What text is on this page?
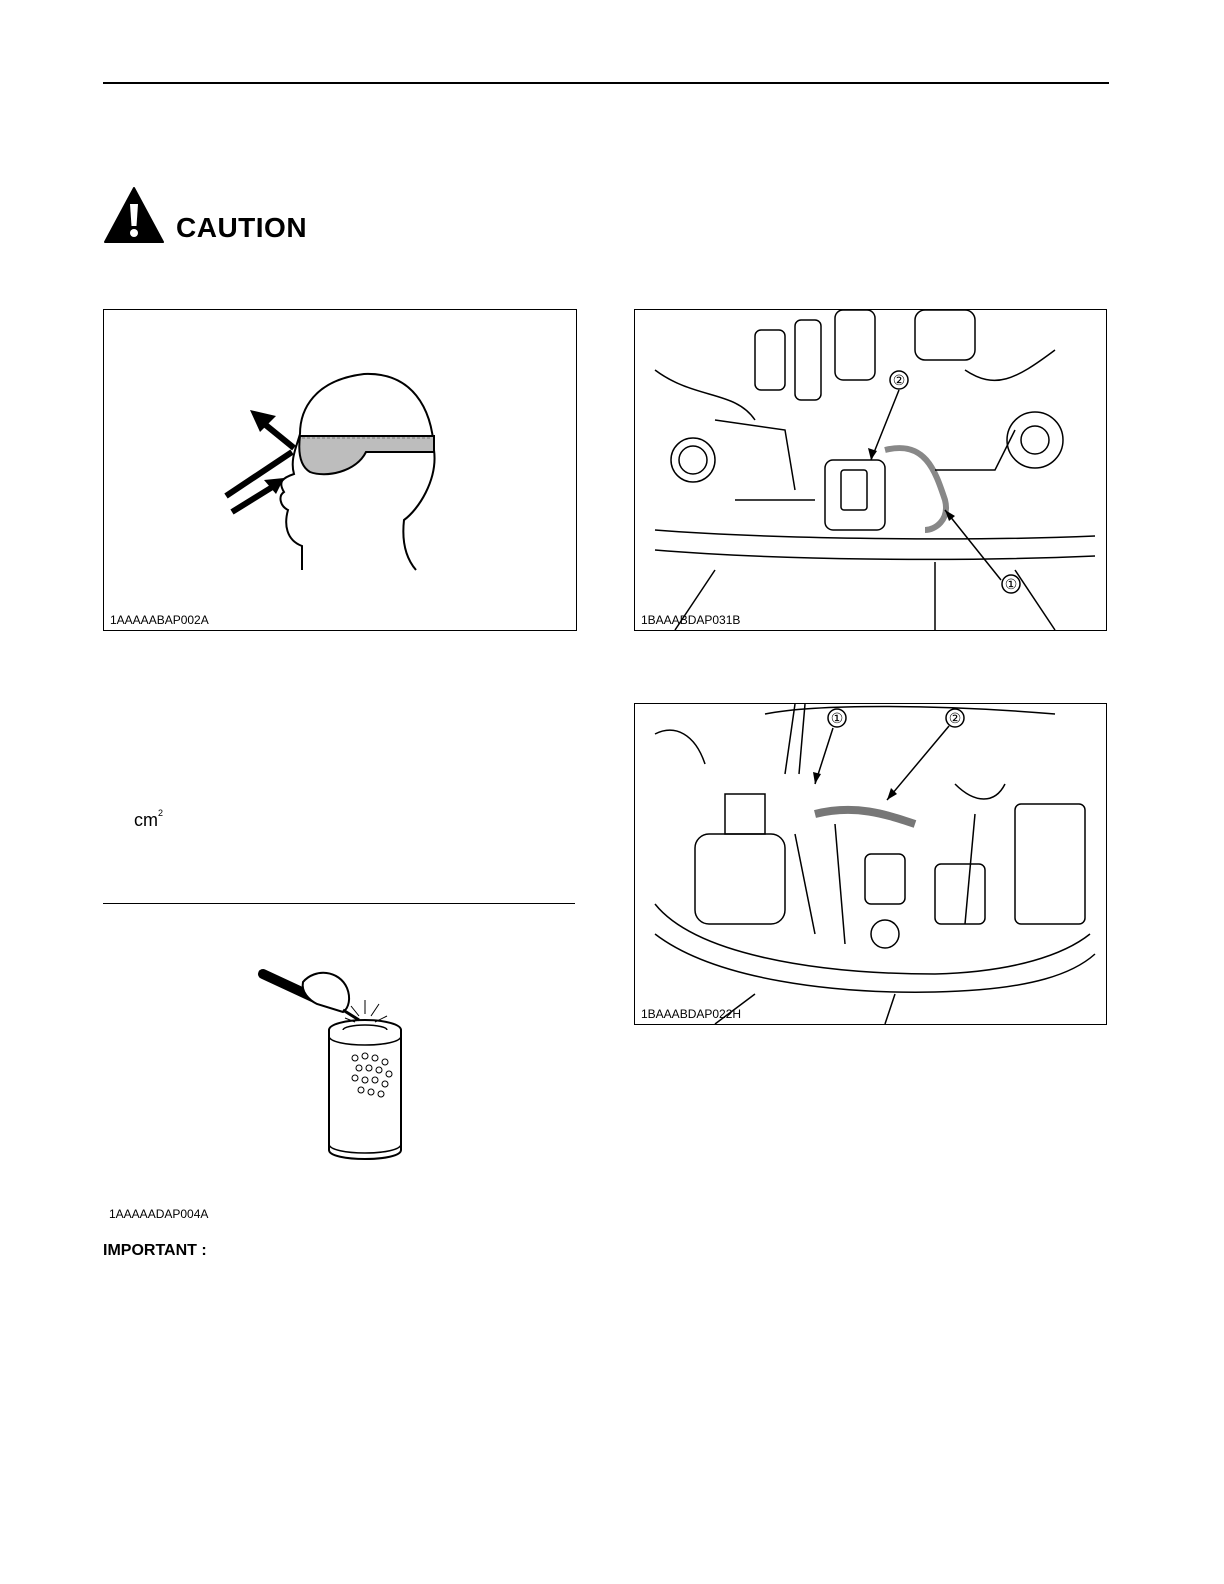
CAUTION
1AAAAABAP002A
②
①
1BAAABDAP031B
$cm^2$
①	②
1BAAABDAP022H
1AAAAADAP004A
IMPORTANT :
